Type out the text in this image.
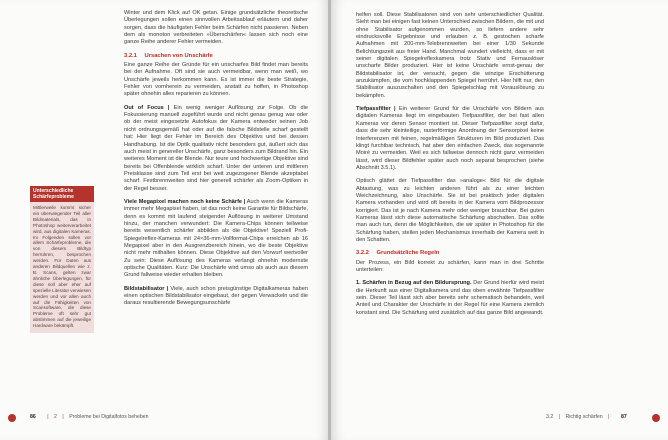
Winter und dem Klick auf OK getan. Einige grundsätzliche theoretische Überlegungen sollen einen sinnvollen Arbeitsablauf erläutern und daher sorgen, dass die häufigsten Fehler beim Schärfen nicht passieren. Neben dem als monoton verbreiteten »Überschärfen« lassen sich noch eine ganze Reihe anderer Fehler vermeiden.

3.2.1 Ursachen von Unschärfe

Eine ganze Reihe der Gründe für ein unscharfes Bild findet man bereits bei der Aufnahme. Oft sind sie auch vermeidbar, wenn man weiß, wo Unschärfe jeweils herkommen kann. Es ist immer die beste Strategie, Fehler von vornherein zu vermeiden, anstatt zu hoffen, in Photoshop später ohnehin alles reparieren zu können.

Out of Focus | Ein wenig weniger Auflösung zur Folge. Ob die Fokussierung manuell zugeführt wurde und nicht genau genug war oder ob der meist eingesetzte Autofokus der Kamera entweder seinen Job nicht ordnungsgemäß hat oder auf die falsche Bildstelle scharf gestellt hat: Hier liegt der Fehler im Bereich des Objektivs und bei dessen Handhabung. Ist die Optik qualitativ nicht besonders gut, äußert sich das auch meist in genereller Unschärfe, ganz besonders zum Bildrand hin. Ein weiteres Moment ist die Blende. Nur teure und hochwertige Objektive sind bereits bei Offenblende wirklich scharf. Unter der unteren und mittleren Preisklasse sind zum Teil erst bei weit zugezogener Blende akzeptabel scharf. Festbrennweiten sind hier generell schärfer als Zoom-Optiken in der Regel besser.

Viele Megapixel machen noch keine Schärfe | Auch wenn die Kameras immer mehr Megapixel haben, ist das noch keine Garantie für Bildschärfe, denn es kommt mit laufend steigender Auflösung in weiterer Umstand hinzu, der manchen verwundert: Die Kamera-Chips können teilweise bereits wesentlich schärfer abbilden als die Objektive! Speziell Profi-Spiegelreflex-Kameras mit 24×36-mm-Vollformat-Chips erreichen ab 16 Megapixel aber in den Ausgrenzbereich hinein, wo die beste Objektive nicht mehr mithalten können. Diese Objektive auf den Vorwurf wertvoller Zu sein: Diese Auflösung des Kameras verlangt ohnehin modernste optische Qualitäten. Kurz: Die Unschärfe wird umso als auch aus diesem Grund fallweise wieder erhalten bleiben.

Bildstabilisator | Viele, auch schon preisgünstige Digitalkameras haben einen optischen Bildstabilisator eingebaut, der gegen Verwackeln und die daraus resultierende Bewegungsunschärfe

Unterschiedliche Schärfeprobleme
Mittlerweile kommt sicher ein überwiegender Teil aller Bildmaterials, das in Photoshop weiterverarbeitet wird, aus digitalen Kameras. Im Folgenden sollen vor allem Schärfeprobleme, die von diesem Bildtyp herrühren, besprochen werden. Für Daten aus anderen Bildquellen wie z. B. Scans, gelten zwar ähnliche Überlegungen, für diese soll aber eher auf spezielle Literatur verwiesen werden und vor allen auch auf die Fähigkeiten von Scansoftware, die diese Probleme oft sehr gut abstimmen auf die jeweilige Hardware bekämpft.

helfen soll. Diese Stabilisatoren sind von sehr unterschiedlicher Qualität. Sieht man bei einigen fast keinen Unterschied zwischen Bildern, die mit und ohne Stabilisator aufgenommen wurden, so liefern andere sehr eindrucksvolle Ergebnisse und erlauben z. B. gestochen scharfe Aufnahmen mit 200-mm-Telebrennweiten bei einer 1/30 Sekunde Belichtungszeit aus freier Hand. Manchmal wundert vielleicht, dass er mit seiner digitalen Spiegelreflexkamera trotz Stativ und Fernauslöser unscharfe Bilder produziert. Hier ist keine Unschärfe ernst-genau der Bildstabilisator ist, der versucht, gegen die winzige Erschütterung anzukämpfen, die vom hochklappenden Spiegel herrührt. Hier hilft nur, den Stabilisator auszuschalten und den Spiegelschlag mit Vorauslösung zu bekämpfen.

Tiefpassfilter | Ein weiterer Grund für die Unschärfe von Bildern aus digitalen Kameras liegt im eingebauten Tiefpassfilter, der bei fast allen Kameras vor deren Sensor montiert ist. Dieser Tiefpassfilter sorgt dafür, dass die sehr kleinteilige, rasterförmige Anordnung der Sensorpixel keine Interferenzen mit feinen, regelmäßigen Strukturen im Bild produziert. Das klingt furchtbar technisch, hat aber den einfachen Zweck, das sogenannte Moiré zu vermeiden. Weil es sich fallweise dennoch nicht ganz vermeiden lässt, wird dieser Bildfehler später auch noch separat besprochen (siehe Abschnitt 3.5.1).

Optisch glättet der Tiefpassfilter das »analoge« Bild für die digitale Abtastung, was zu leichten anderen führt als zu einer leichten Weichzeichnung, also Unschärfe. Sie ist bei praktisch jeder digitalen Kamera vorhanden und wird oft bereits in der Kamera vom Bildprozessor korrigiert. Das ist je nach Kamera mehr oder weniger brauchbar. Bei guten Kameras lässt sich diese automatische Schärfung abschalten. Das sollte man auch tun, denn die Möglichkeiten, die wir später in Photoshop für die Schärfung haben, stellen jeden Mechanismus innerhalb der Kamera weit in den Schatten.

3.2.2 Grundsätzliche Regeln

Der Prozess, ein Bild korrekt zu schärfen, kann man in drei Schritte unterteilen:

1. Schärfen in Bezug auf den Bildursprung. Der Grund hierfür wird meist die Herkunft aus einer Digitalkamera und das oben erwähnte Tiefpassfilter sein. Dieser Teil lässt sich aber bereits sehr schematisch behandeln, weil Anteil und Charakter der Unschärfe in der Regel für eine Kamera ziemlich konstant sind. Die Schärfung wird zusätzlich auf das ganze Bild angewandt.

86 | 2 | Probleme bei Digitalfotos beheben	3.2 | Richtig schärfen | 87
